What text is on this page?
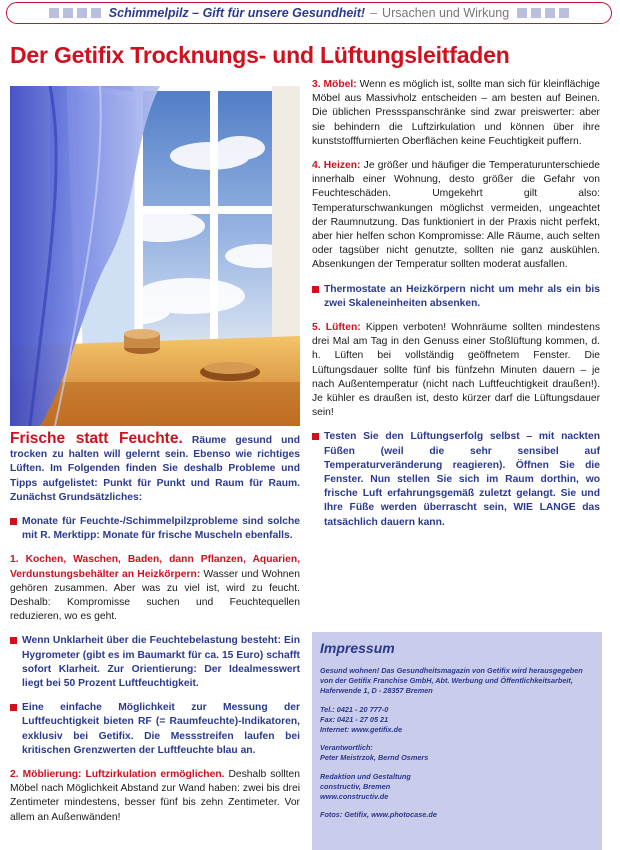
Schimmelpilz – Gift für unsere Gesundheit! – Ursachen und Wirkung
Der Getifix Trocknungs- und Lüftungsleitfaden

Frische statt Feuchte. Räume gesund und trocken zu halten will gelernt sein. Ebenso wie richtiges Lüften. Im Folgenden finden Sie deshalb Probleme und Tipps aufgelistet: Punkt für Punkt und Raum für Raum. Zunächst Grundsätzliches:

Monate für Feuchte-/Schimmelpilzprobleme sind solche mit R. Merktipp: Monate für frische Muscheln ebenfalls.

1. Kochen, Waschen, Baden, dann Pflanzen, Aquarien, Verdunstungsbehälter an Heizkörpern: Wasser und Wohnen gehören zusammen. Aber was zu viel ist, wird zu feucht. Deshalb: Kompromisse suchen und Feuchtequellen reduzieren, wo es geht.

Wenn Unklarheit über die Feuchtebelastung besteht: Ein Hygrometer (gibt es im Baumarkt für ca. 15 Euro) schafft sofort Klarheit. Zur Orientierung: Der Idealmesswert liegt bei 50 Prozent Luftfeuchtigkeit.

Eine einfache Möglichkeit zur Messung der Luftfeuchtigkeit bieten RF (= Raumfeuchte)-Indikatoren, exklusiv bei Getifix. Die Messstreifen laufen bei kritischen Grenzwerten der Luftfeuchte blau an.

2. Möblierung: Luftzirkulation ermöglichen. Deshalb sollten Möbel nach Möglichkeit Abstand zur Wand haben: zwei bis drei Zentimeter mindestens, besser fünf bis zehn Zentimeter. Vor allem an Außenwänden!

3. Möbel: Wenn es möglich ist, sollte man sich für kleinflächige Möbel aus Massivholz entscheiden – am besten auf Beinen. Die üblichen Pressspanschränke sind zwar preiswerter: aber sie behindern die Luftzirkulation und können über ihre kunststofffurnierten Oberflächen keine Feuchtigkeit puffern.

4. Heizen: Je größer und häufiger die Temperaturunterschiede innerhalb einer Wohnung, desto größer die Gefahr von Feuchteschäden. Umgekehrt gilt also: Temperaturschwankungen möglichst vermeiden, ungeachtet der Raumnutzung. Das funktioniert in der Praxis nicht perfekt, aber hier helfen schon Kompromisse: Alle Räume, auch selten oder tagsüber nicht genutzte, sollten nie ganz auskühlen. Absenkungen der Temperatur sollten moderat ausfallen.

Thermostate an Heizkörpern nicht um mehr als ein bis zwei Skaleneinheiten absenken.

5. Lüften: Kippen verboten! Wohnräume sollten mindestens drei Mal am Tag in den Genuss einer Stoßlüftung kommen, d. h. Lüften bei vollständig geöffnetem Fenster. Die Lüftungsdauer sollte fünf bis fünfzehn Minuten dauern – je nach Außentemperatur (nicht nach Luftfeuchtigkeit draußen!). Je kühler es draußen ist, desto kürzer darf die Lüftungsdauer sein!

Testen Sie den Lüftungserfolg selbst – mit nackten Füßen (weil die sehr sensibel auf Temperaturveränderung reagieren). Öffnen Sie die Fenster. Nun stellen Sie sich im Raum dorthin, wo frische Luft erfahrungsgemäß zuletzt gelangt. Sie und Ihre Füße werden überrascht sein, WIE LANGE das tatsächlich dauern kann.

Impressum

Gesund wohnen! Das Gesundheitsmagazin von Getifix wird herausgegeben von der Getifix Franchise GmbH, Abt. Werbung und Öffentlichkeitsarbeit, Haferwende 1, D - 28357 Bremen

Tel.: 0421 - 20 777-0

Fax: 0421 - 27 05 21

Internet: www.getifix.de

Verantwortlich:

Peter Meistrzok, Bernd Osmers

Redaktion und Gestaltung

constructiv, Bremen

www.constructiv.de

Fotos: Getifix, www.photocase.de
